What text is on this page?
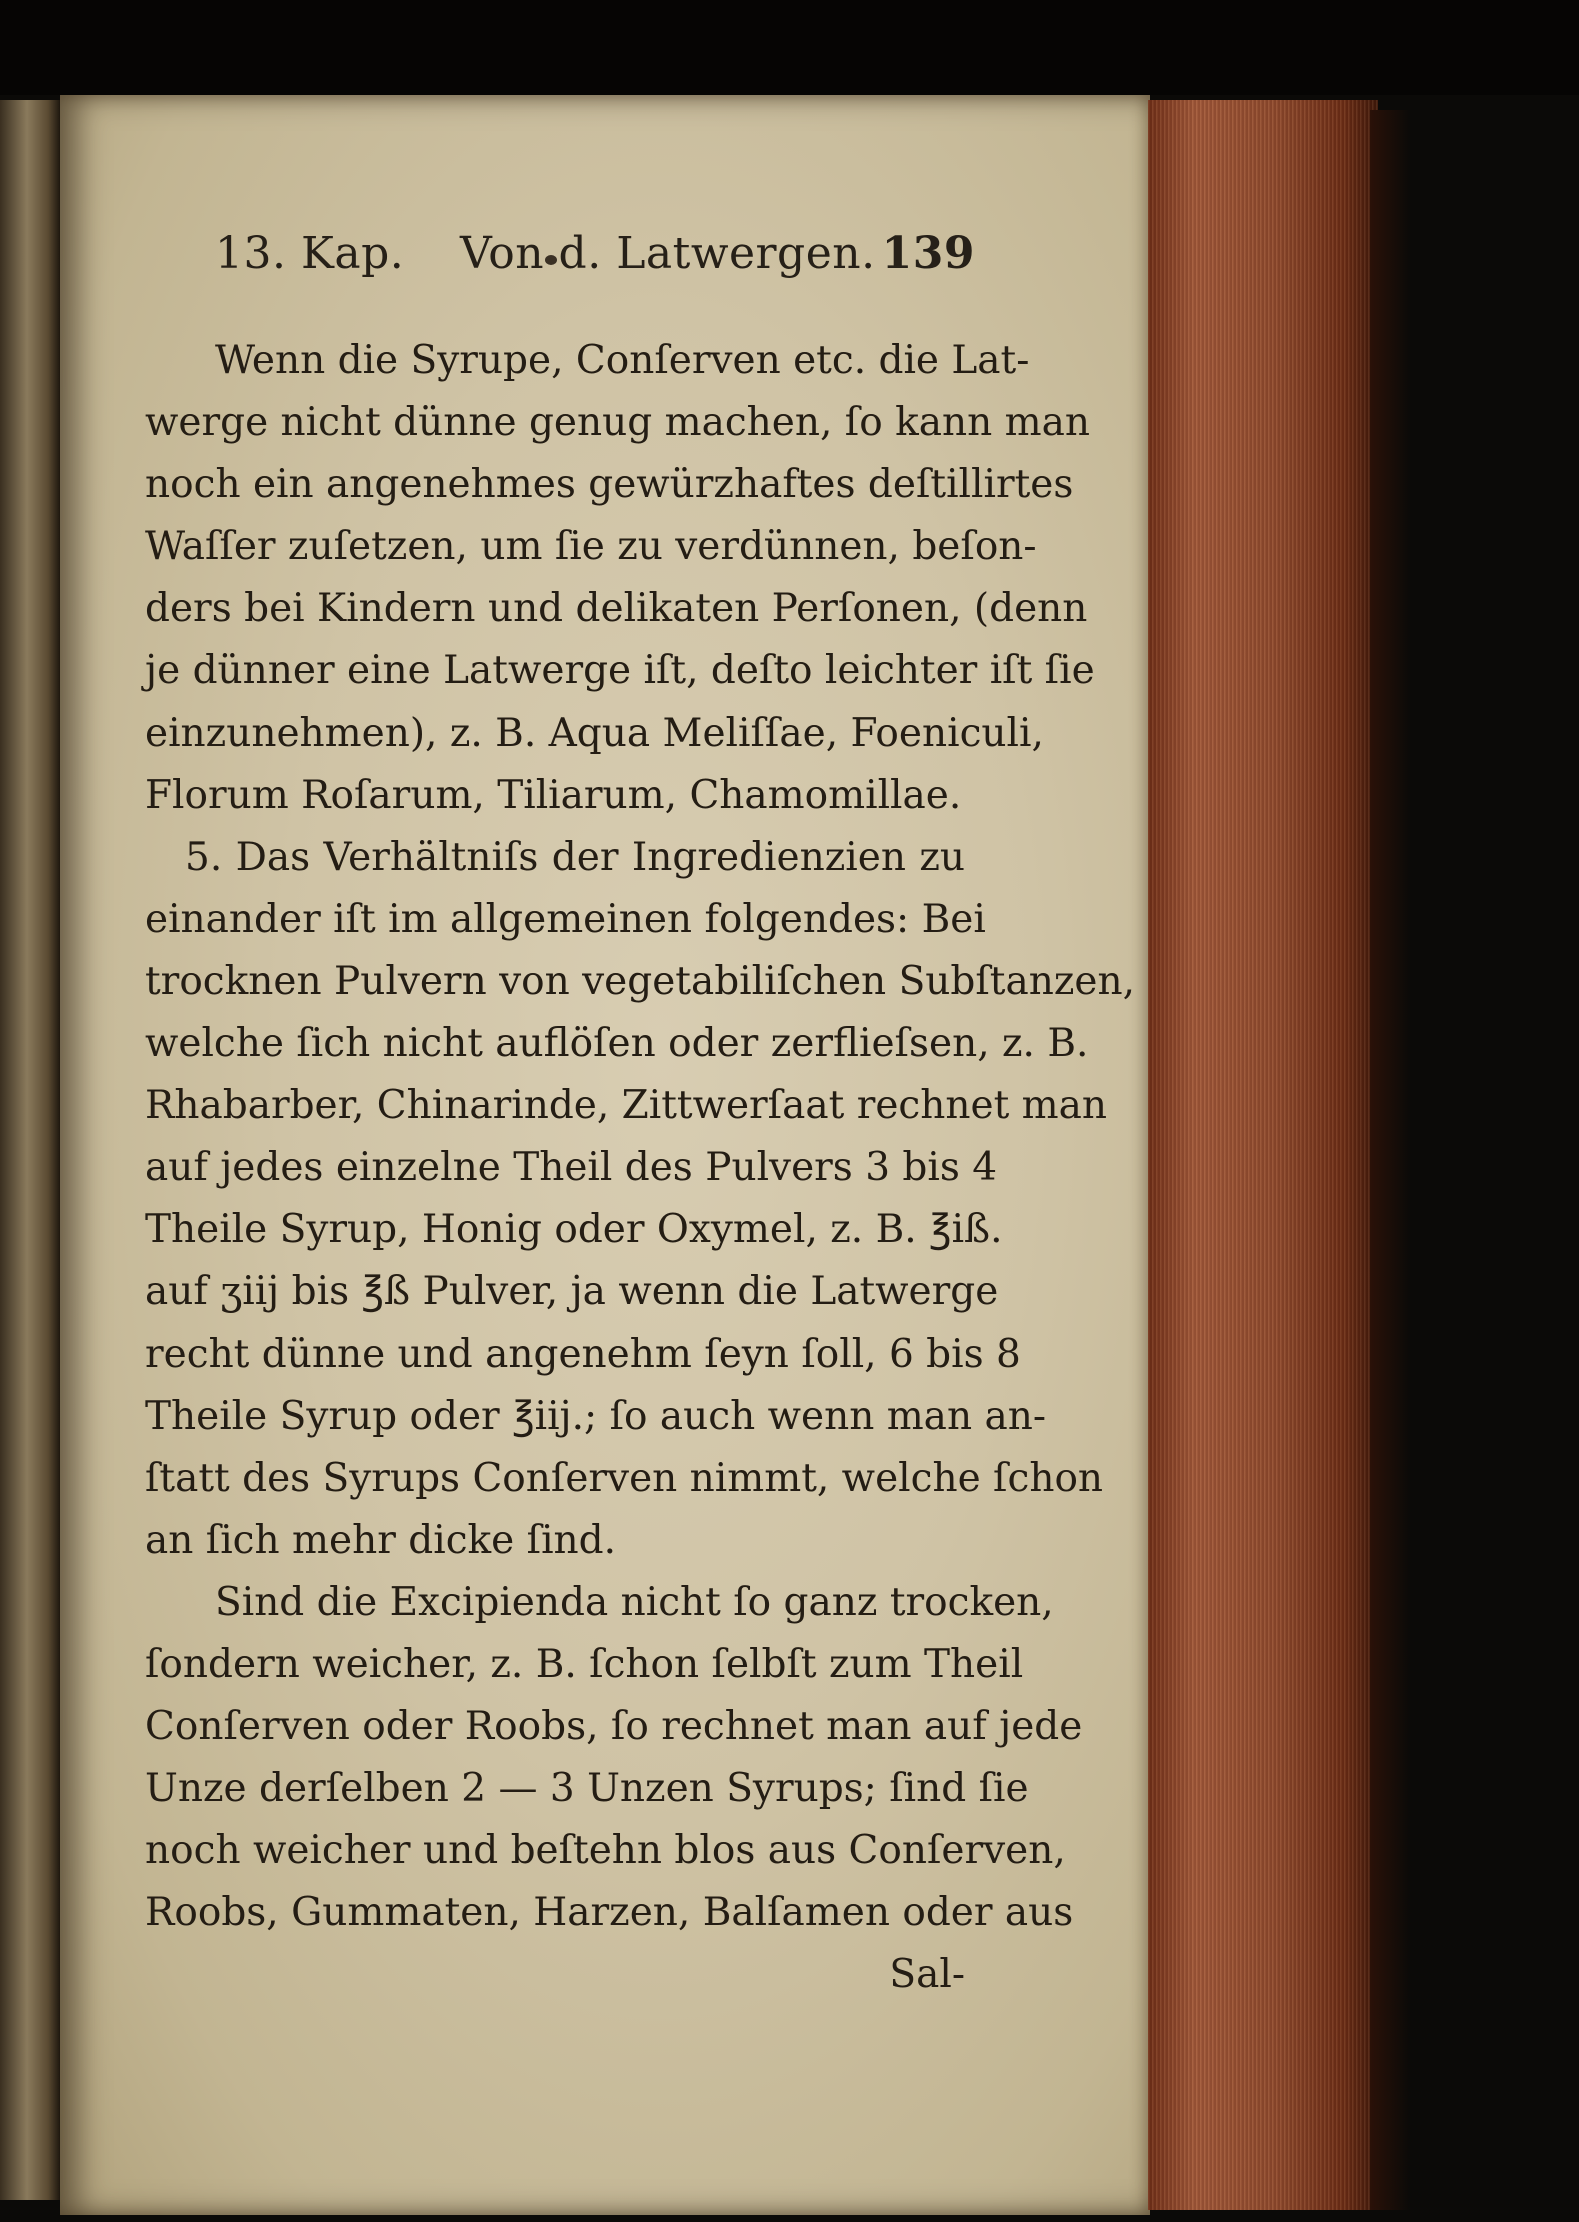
13. Kap. Von d. Latwergen. 139
Wenn die Syrupe, Conſerven etc. die Lat-
werge nicht dünne genug machen, ſo kann man
noch ein angenehmes gewürzhaftes deſtillirtes
Waſſer zuſetzen, um ſie zu verdünnen, beſon-
ders bei Kindern und delikaten Perſonen, (denn
je dünner eine Latwerge iſt, deſto leichter iſt ſie
einzunehmen), z. B. Aqua Meliſſae, Foeniculi,
Florum Roſarum, Tiliarum, Chamomillae.
5. Das Verhältniſs der Ingredienzien zu
einander iſt im allgemeinen folgendes: Bei
trocknen Pulvern von vegetabiliſchen Subſtanzen,
welche ſich nicht auflöſen oder zerflieſsen, z. B.
Rhabarber, Chinarinde, Zittwerſaat rechnet man
auf jedes einzelne Theil des Pulvers 3 bis 4
Theile Syrup, Honig oder Oxymel, z. B. ℥iß.
auf ʒiij bis ℥ß Pulver, ja wenn die Latwerge
recht dünne und angenehm ſeyn ſoll, 6 bis 8
Theile Syrup oder ℥iij.; ſo auch wenn man an-
ſtatt des Syrups Conſerven nimmt, welche ſchon
an ſich mehr dicke ſind.
Sind die Excipienda nicht ſo ganz trocken,
ſondern weicher, z. B. ſchon ſelbſt zum Theil
Conſerven oder Roobs, ſo rechnet man auf jede
Unze derſelben 2 — 3 Unzen Syrups; ſind ſie
noch weicher und beſtehn blos aus Conſerven,
Roobs, Gummaten, Harzen, Balſamen oder aus
Sal-
